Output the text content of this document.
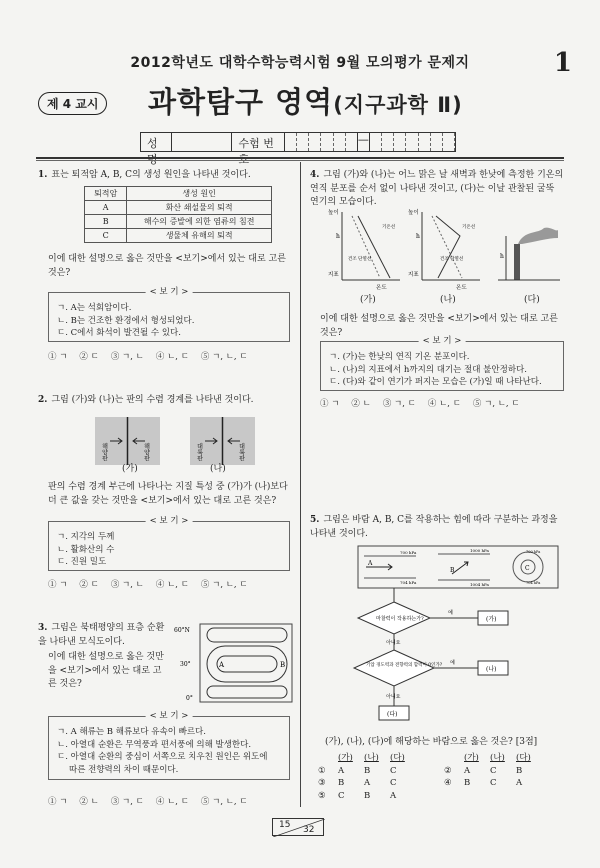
2012학년도 대학수학능력시험 9월 모의평가 문제지	1
제 4 교시	과학탐구 영역(지구과학 Ⅱ)
성	수험 번	—
1. 표는 퇴적암 A, B, C의 생성 원인을 나타낸 것이다.
퇴적암	생성 원인
A	화산 쇄설물의 퇴적
B	해수의 증발에 의한 염류의 침전
C	생물체 유해의 퇴적
이에 대한 설명으로 옳은 것만을 <보기>에서 있는 대로 고른 것은?
< 보 기 >
ㄱ. A는 석회암이다.
ㄴ. B는 건조한 환경에서 형성되었다.
ㄷ. C에서 화석이 발견될 수 있다.
① ㄱ ② ㄷ ③ ㄱ, ㄴ ④ ㄴ, ㄷ ⑤ ㄱ, ㄴ, ㄷ
2. 그림 (가)와 (나)는 판의 수렴 경계를 나타낸 것이다.
해양판	해양판	대륙판	대륙판
(가)	(나)
판의 수렴 경계 부근에 나타나는 지질 특성 중 (가)가 (나)보다 더 큰 값을 갖는 것만을 <보기>에서 있는 대로 고른 것은?
< 보 기 >
ㄱ. 지각의 두께
ㄴ. 활화산의 수
ㄷ. 진원 밀도
① ㄱ ② ㄷ ③ ㄱ, ㄴ ④ ㄴ, ㄷ ⑤ ㄱ, ㄴ, ㄷ
3. 그림은 북태평양의 표층 순환을 나타낸 모식도이다.
이에 대한 설명으로 옳은 것만을 <보기>에서 있는 대로 고른 것은?
60°N
30°
0°
A	B
< 보 기 >
ㄱ. A 해류는 B 해류보다 유속이 빠르다.
ㄴ. 아열대 순환은 무역풍과 편서풍에 의해 발생한다.
ㄷ. 아열대 순환의 중심이 서쪽으로 치우친 원인은 위도에
따른 전향력의 차이 때문이다.
① ㄱ ② ㄴ ③ ㄱ, ㄷ ④ ㄴ, ㄷ ⑤ ㄱ, ㄴ, ㄷ
4. 그림 (가)와 (나)는 어느 맑은 날 새벽과 한낮에 측정한 기온의 연직 분포를 순서 없이 나타낸 것이고, (다)는 이날 관찰된 굴뚝 연기의 모습이다.
높이
h
지표
온도
기온선
건조 단열선
높이
h
지표
온도
기온선
건조 단열선	h
(가)	(나)	(다)
이에 대한 설명으로 옳은 것만을 <보기>에서 있는 대로 고른 것은?
< 보 기 >
ㄱ. (가)는 한낮의 연직 기온 분포이다.
ㄴ. (나)의 지표에서 h까지의 대기는 절대 불안정하다.
ㄷ. (다)와 같이 연기가 퍼지는 모습은 (가)일 때 나타난다.
① ㄱ ② ㄴ ③ ㄱ, ㄷ ④ ㄴ, ㄷ ⑤ ㄱ, ㄴ, ㄷ
5. 그림은 바람 A, B, C를 작용하는 힘에 따라 구분하는 과정을 나타낸 것이다.
700 hPa
704 hPa
A
1000 hPa
1004 hPa
B	C
700 hPa
704 hPa
마찰력이 작용하는가?
예
(가)
아니요
기압 경도력과 전향력의 합력이 0인가? 예
(나)
아니요
(다)
(가), (나), (다)에 해당하는 바람으로 옳은 것은? [3점]
(가)	(나)	(다)	(가)	(나)	(다)
①	A	B	C	②	A	C	B
③	B	A	C	④	B	C	A
⑤	C	B	A
15 32
